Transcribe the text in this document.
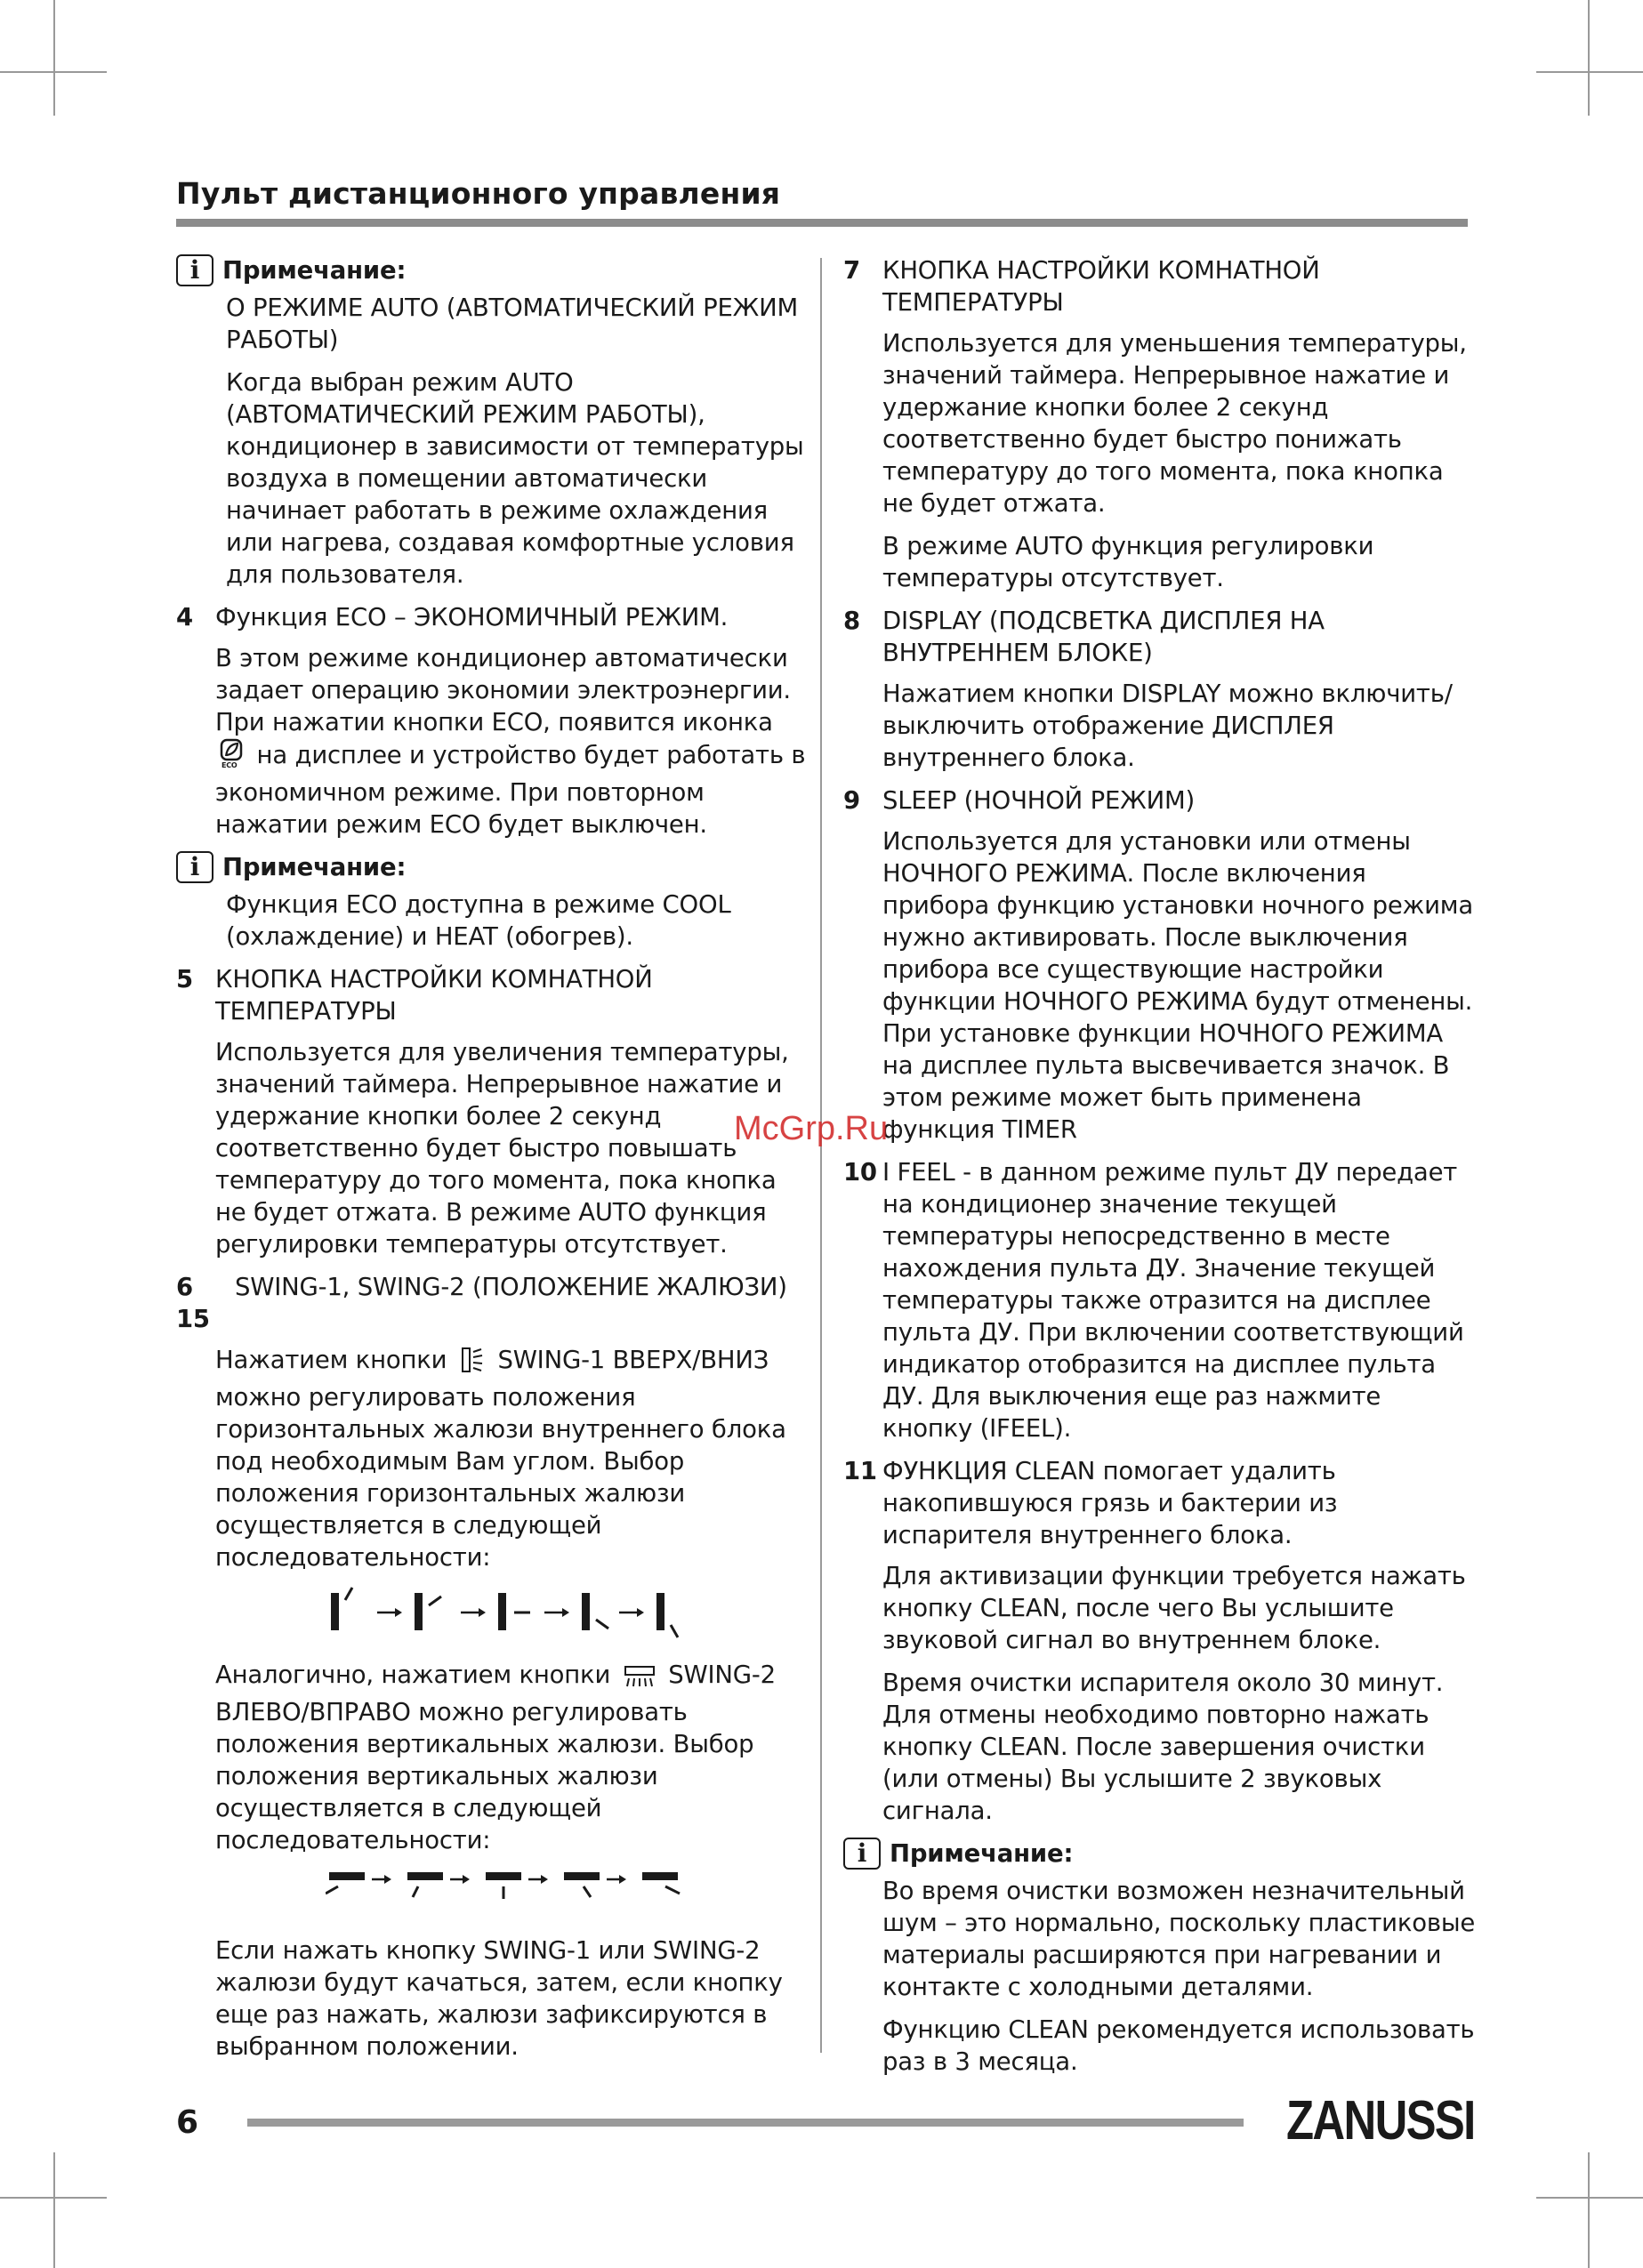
Пульт дистанционного управления
i Примечание:

О РЕЖИМЕ AUTO (АВТОМАТИЧЕСКИЙ РЕЖИМ РАБОТЫ)

Когда выбран режим AUTO (АВТОМАТИЧЕСКИЙ РЕЖИМ РАБОТЫ), кондиционер в зависимости от температуры воздуха в помещении автоматически начинает работать в режиме охлаждения или нагрева, создавая комфортные условия для пользователя.

4 Функция ECO – ЭКОНОМИЧНЫЙ РЕЖИМ.

В этом режиме кондиционер автоматически задает операцию экономии электроэнергии. При нажатии кнопки ECO, появится иконка
ECO на дисплее и устройство будет работать в экономичном режиме. При повторном нажатии режим ECO будет выключен.

i Примечание:

Функция ECO доступна в режиме COOL (охлаждение) и HEAT (обогрев).

5 КНОПКА НАСТРОЙКИ КОМНАТНОЙ ТЕМПЕРАТУРЫ

Используется для увеличения температуры, значений таймера. Непрерывное нажатие и удержание кнопки более 2 секунд соответственно будет быстро повышать температуру до того момента, пока кнопка не будет отжата. В режиме AUTO функция регулировки температуры отсутствует.

6 15
SWING-1, SWING-2 (ПОЛОЖЕНИЕ ЖАЛЮЗИ)

Нажатием кнопки SWING-1 ВВЕРХ/ВНИЗ можно регулировать положения горизонтальных жалюзи внутреннего блока под необходимым Вам углом. Выбор положения горизонтальных жалюзи осуществляется в следующей последовательности:

Аналогично, нажатием кнопки SWING-2 ВЛЕВО/ВПРАВО можно регулировать положения вертикальных жалюзи. Выбор положения вертикальных жалюзи осуществляется в следующей последовательности:

Если нажать кнопку SWING-1 или SWING-2 жалюзи будут качаться, затем, если кнопку еще раз нажать, жалюзи зафиксируются в выбранном положении.

7 КНОПКА НАСТРОЙКИ КОМНАТНОЙ ТЕМПЕРАТУРЫ

Используется для уменьшения температуры, значений таймера. Непрерывное нажатие и удержание кнопки более 2 секунд соответственно будет быстро понижать температуру до того момента, пока кнопка не будет отжата.

В режиме AUTO функция регулировки температуры отсутствует.

8 DISPLAY (ПОДСВЕТКА ДИСПЛЕЯ НА ВНУТРЕННЕМ БЛОКЕ)

Нажатием кнопки DISPLAY можно включить/выключить отображение ДИСПЛЕЯ внутреннего блока.

9 SLEEP (НОЧНОЙ РЕЖИМ)

Используется для установки или отмены НОЧНОГО РЕЖИМА. После включения прибора функцию установки ночного режима нужно активировать. После выключения прибора все существующие настройки функции НОЧНОГО РЕЖИМА будут отменены. При установке функции НОЧНОГО РЕЖИМА на дисплее пульта высвечивается значок. В этом режиме может быть применена функция TIMER

10 I FEEL - в данном режиме пульт ДУ передает на кондиционер значение текущей температуры непосредственно в месте нахождения пульта ДУ. Значение текущей температуры также отразится на дисплее пульта ДУ. При включении соответствующий индикатор отобразится на дисплее пульта ДУ. Для выключения еще раз нажмите кнопку (IFEEL).
11 ФУНКЦИЯ CLEAN помогает удалить накопившуюся грязь и бактерии из испарителя внутреннего блока.

Для активизации функции требуется нажать кнопку CLEAN, после чего Вы услышите звуковой сигнал во внутреннем блоке.

Время очистки испарителя около 30 минут. Для отмены необходимо повторно нажать кнопку CLEAN. После завершения очистки (или отмены) Вы услышите 2 звуковых сигнала.

i Примечание:

Во время очистки возможен незначительный шум – это нормально, поскольку пластиковые материалы расширяются при нагревании и контакте с холодными деталями.

Функцию CLEAN рекомендуется использовать раз в 3 месяца.

McGrp.Ru
6	ZANUSSI
